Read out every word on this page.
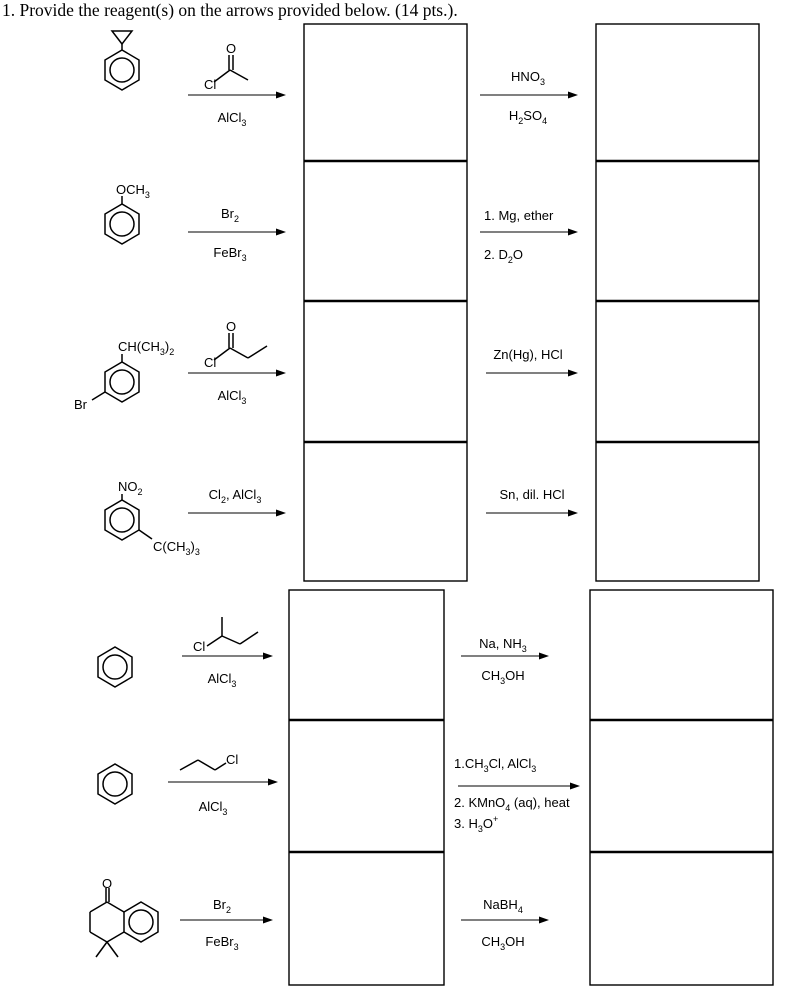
1. Provide the reagent(s) on the arrows provided below. (14 pts.).
Cl
O
$OCH_3$
$CH(CH_3)_2$
Br
Cl
O
$NO_2$
$C(CH_3)_3$
Cl
Cl
O
AlCl$_3$
$HNO_3$
$H_2SO_4$
$Br_2$
FeBr$_3$
1. Mg, ether
2. $D_2O$
AlCl$_3$
Zn(Hg), HCl
$Cl_2$, AlCl$_3$	Sn, dil. HCl
AlCl$_3$
Na, $NH_3$
$CH_3OH$
AlCl$_3$
$1.CH_3Cl$, AlCl$_3$
2. KMnO$_4$ (aq), heat
3. $H_3O^+$
$Br_2$
FeBr$_3$
NaBH$_4$
$CH_3OH$
